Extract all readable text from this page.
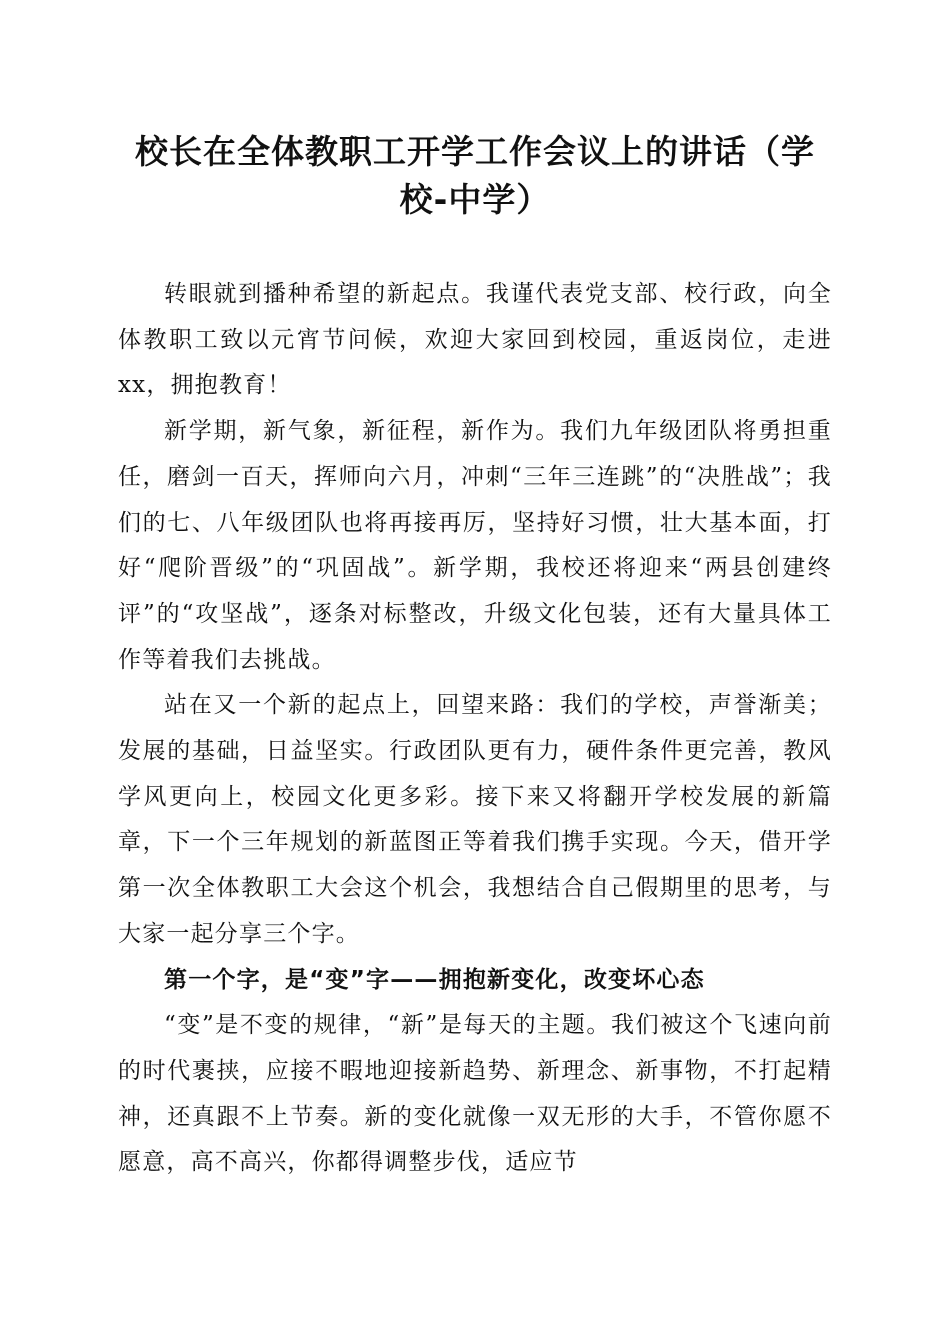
校长在全体教职工开学工作会议上的讲话（学校-中学）

转眼就到播种希望的新起点。我谨代表党支部、校行政，向全体教职工致以元宵节问候，欢迎大家回到校园，重返岗位，走进xx，拥抱教育！

新学期，新气象，新征程，新作为。我们九年级团队将勇担重任，磨剑一百天，挥师向六月，冲刺“三年三连跳”的“决胜战”；我们的七、八年级团队也将再接再厉，坚持好习惯，壮大基本面，打好“爬阶晋级”的“巩固战”。新学期，我校还将迎来“两县创建终评”的“攻坚战”，逐条对标整改，升级文化包装，还有大量具体工作等着我们去挑战。

站在又一个新的起点上，回望来路：我们的学校，声誉渐美；发展的基础，日益坚实。行政团队更有力，硬件条件更完善，教风学风更向上，校园文化更多彩。接下来又将翻开学校发展的新篇章，下一个三年规划的新蓝图正等着我们携手实现。今天，借开学第一次全体教职工大会这个机会，我想结合自己假期里的思考，与大家一起分享三个字。

第一个字，是“变”字——拥抱新变化，改变坏心态

“变”是不变的规律，“新”是每天的主题。我们被这个飞速向前的时代裹挟，应接不暇地迎接新趋势、新理念、新事物，不打起精神，还真跟不上节奏。新的变化就像一双无形的大手，不管你愿不愿意，高不高兴，你都得调整步伐，适应节
